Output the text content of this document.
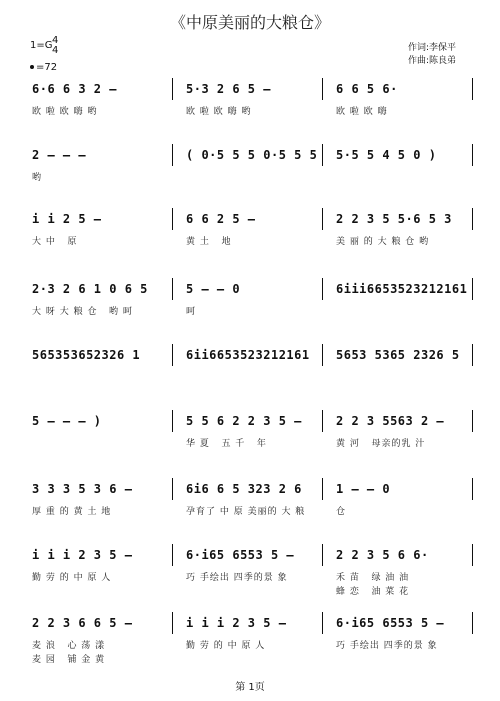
《中原美丽的大粮仓》
1=G 4
4
=72
作词:李保平
作曲:陈良弟
6·6 6 3 2 –
欧 啦 欧 嗨 哟
5·3 2 6 5 –
欧 啦 欧 嗨 哟
6 6 5 6·
欧 啦 欧 嗨
2 – – –
哟
( 0·5 5 5 0·5 5 5 5·5 5 4 5 0 )
i i 2 5 –
大 中   原
6 6 2 5 –
黄 土   地
2 2 3 5 5·6 5 3
美 丽 的 大 粮 仓 哟
2·3 2 6 1 0 6 5
大 呀 大 粮 仓   哟 呵
5 – – 0
呵
6iii6653523212161
565353652326 1	6ii6653523212161 5653 5365 2326 5
5 – – – )	5 5 6 2 2 3 5 –
华 夏   五 千   年
2 2 3 5563 2 –
黄 河   母亲的乳 汁
3 3 3 5 3 6 –
厚 重 的 黄 土 地
6i6 6 5 323 2 6
孕育了 中 原 美丽的 大 粮
1 – – 0
仓
i i i 2 3 5 –
勤 劳 的 中 原 人
6·i65 6553 5 –
巧 手绘出 四季的景 象
2 2 3 5 6 6·
禾 苗   绿 油 油
蜂 恋   油 菜 花
2 2 3 6 6 5 –
麦 浪   心 荡 漾
麦 园   铺 金 黄
i i i 2 3 5 –
勤 劳 的 中 原 人
6·i65 6553 5 –
巧 手绘出 四季的景 象
第 1页
